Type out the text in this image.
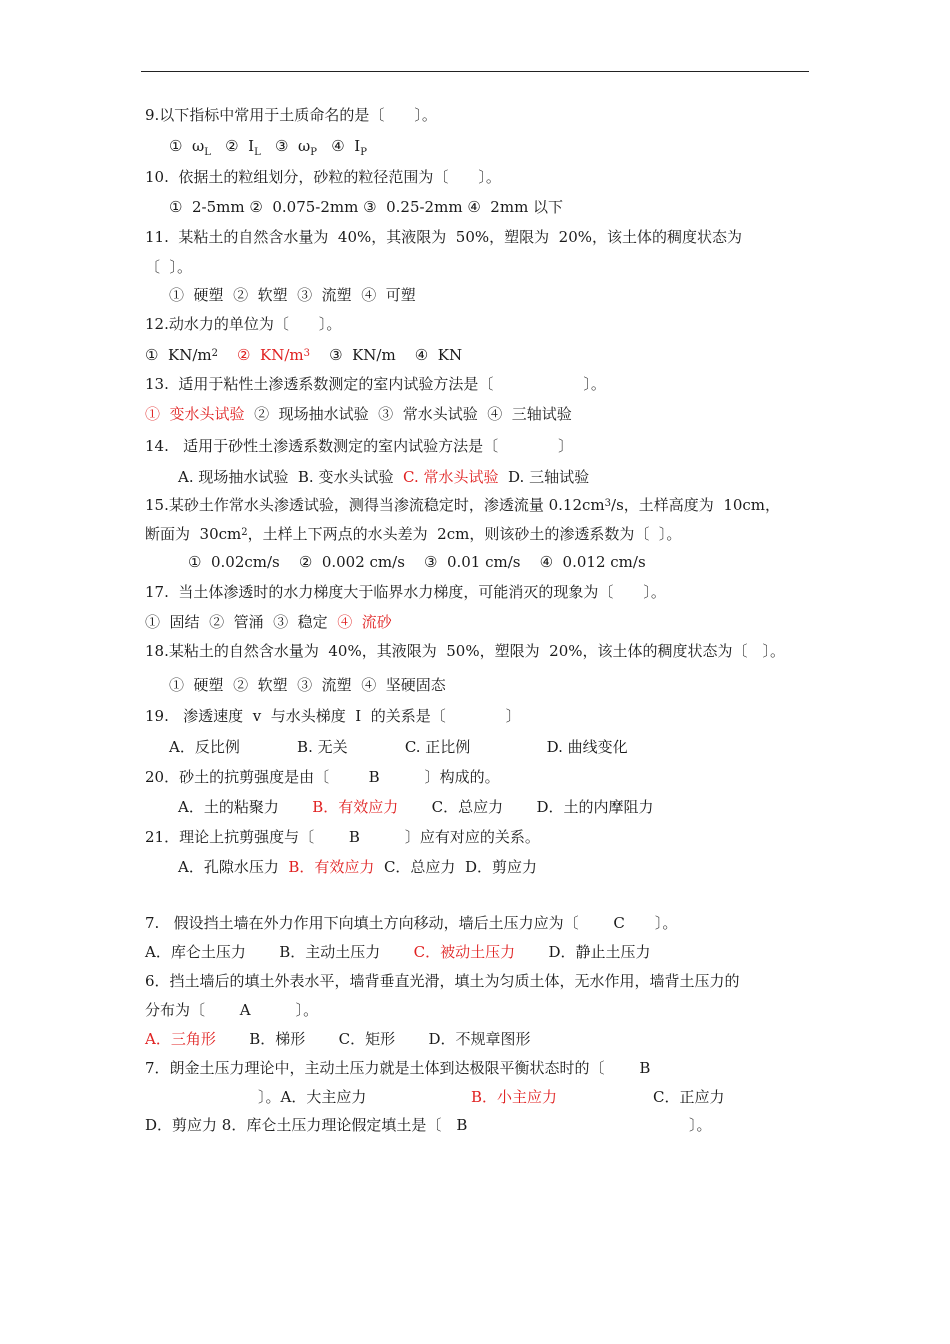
9.以下指标中常用于土质命名的是〔　　〕。
①  $\omega_L$   ②  $I_L$   ③  $\omega_P$   ④  $I_P$
10.  依据土的粒组划分，砂粒的粒径范围为〔　　〕。
①  2-5mm ②  0.075-2mm ③  0.25-2mm ④  2mm 以下
11.  某粘土的自然含水量为  40%，其液限为  50%，塑限为  20%，该土体的稠度状态为
〔  〕。
①  硬塑  ②  软塑  ③  流塑  ④  可塑
12.动水力的单位为〔　　〕。
①  $KN/m^2$ ②  $KN/m^3$ ③  KN/m    ④  KN
13.  适用于粘性土渗透系数测定的室内试验方法是〔　　　　　　〕。
①  变水头试验  ②  现场抽水试验  ③  常水头试验  ④  三轴试验
14.   适用于砂性土渗透系数测定的室内试验方法是〔　　　　〕
A. 现场抽水试验  B. 变水头试验  C. 常水头试验  D. 三轴试验
15.某砂土作常水头渗透试验，测得当渗流稳定时，渗透流量 $0.12cm^3/s$，土样高度为  10cm，
断面为  $30cm^2$，土样上下两点的水头差为  2cm，则该砂土的渗透系数为〔  〕。
①  0.02cm/s    ②  0.002 cm/s    ③  0.01 cm/s    ④  0.012 cm/s
17.  当土体渗透时的水力梯度大于临界水力梯度，可能消灭的现象为〔　　〕。
①  固结  ②  管涌  ③  稳定  ④  流砂
18.某粘土的自然含水量为  40%，其液限为  50%，塑限为  20%，该土体的稠度状态为〔　〕。
①  硬塑  ②  软塑  ③  流塑  ④  坚硬固态
19.   渗透速度  v  与水头梯度  I  的关系是〔　　　　〕
A．反比例            B. 无关            C. 正比例                D. 曲线变化
20．砂土的抗剪强度是由〔　　  B　　　〕构成的。
A．土的粘聚力       B．有效应力       C．总应力       D．土的内摩阻力
21．理论上抗剪强度与〔　　 B　　　〕应有对应的关系。
A．孔隙水压力  B．有效应力  C．总应力  D．剪应力
7.   假设挡土墙在外力作用下向填土方向移动，墙后土压力应为〔　　 C　　〕。
A．库仑土压力       B．主动土压力       C．被动土压力       D．静止土压力
6．挡土墙后的填土外表水平，墙背垂直光滑，填土为匀质土体，无水作用，墙背土压力的
分布为〔　　 A　　　〕。
A．三角形       B．梯形       C．矩形       D．不规章图形
7．朗金土压力理论中，主动土压力就是土体到达极限平衡状态时的〔　　 B
〕。A．大主应力	B．小主应力	C．正应力
D．剪应力 8．库仑土压力理论假定填土是〔　B	〕。
